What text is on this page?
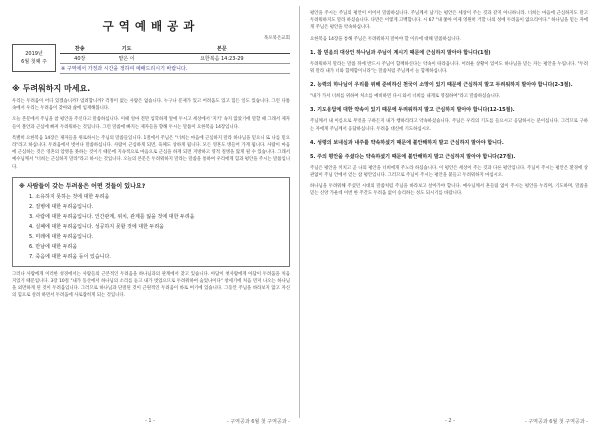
구역예배공과
목포북온교회
2019년
6월 첫째 주
찬송	기도	본문
40장	맡은 이	요한복음 14:23-29
※ 구역에서 가정과 시간을 정하여 예배드리시기 바랍니다.		
※ 두려워하지 마세요.
우리는 두려움이 어디 있겠습니까? 염려합니까? 걱정이 없는 사람은 없습니다. 누구나 문제가 있고 어려움도 있고 힘든 일도 있습니다. 그런 다툼 속에서 우리는 두려움이 찾아와 삶에 임재해봅니다.
오늘 본문에서 주님을 참 평안을 주신다고 말씀하십니다. 이때 얼마 전만 입학하게 앞에 두시고 세상에서 '지키' 속지 않았기에 말할 때 그래서 제자들이 볼안과 근심에 빠져 두려워하는 것입니다. 그런 말씀에 빠지는 제자들을 향해 두시는 말씀이 요한복음 14장입니다.
특별히 요한복음 14장은 제자들을 위로하시는 주님의 말씀들입니다. 1절에서 주님은 "너희는 마음에 근심하지 말라 하나님을 믿으니 또 나를 믿으라"라고 하십니다. 두려움에서 벗어나 말씀하십니다. 사람이 근심하게 되면, 육체도 상하게 됩니다. 모든 영혼도 병들어 가게 됩니다. 사람이 마음에 근심하는 것은 영혼의 암병을 못하는 것이기 때문에 지속적으로 마음으로 근심을 하게 되면 지방하고 영적 질병을 앓게 될 수 있습니다. 그래서 예수님께서 "너희는 근심하지 말라"라고 하시는 것입니다. 오늘의 본문은 두려워하지 말라는 말씀을 통하여 우리에게 힘과 평안을 주시는 말씀입니다.
※ 사람들이 갖는 두려움은 어떤 것들이 있나요?
1. 소유하지 못하는 것에 대한 두려움
2. 질병에 대한 두려움입니다.
3. 사람에 대한 두려움입니다. 인간관계, 위치, 관계를 잃을 것에 대한 두려움
4. 실패에 대한 두려움입니다. 성공하지 못할 것에 대한 두려움
5. 미래에 대한 두려움입니다.
6. 만남에 대한 두려움
7. 죽음에 대한 두려움 등이 있습니다.
그러나 사람에게 이러한 성경에서는 사람들의 근본적인 두려움을 하나님과의 관계에서 찾고 있습니다. 아담이 첫사람에게 아담이 두려움을 처음 지었기 때문입니다. 3장 10절 "내가 동산에서 하나님의 소리를 듣고 내가 벗었으므로 두려워하여 숨었나이다" 창세기에 처음 먼저 나오는 하나님을 외면하게 된 것이 두려움입니다. 그러므로 하나님과 단절된 것이 근원적인 두려움이 바로 여기에 있습니다. 그동안 주님을 바라보지 않고 자신의 힘으로 살려 하면서 두려움에 사로잡히게 되는 것입니다.
- 1 -	- 구역공과 6월 첫 구역공과 -
평안을 주시는 주님의 평안이 이어서 말씀하십니다. 주님께서 남기는 평안은 세상이 주는 것과 같지 아니하니라. 너희는 마음에 근심하지도 말고 두려워하지도 말라 하셨습니다. 다만은 이렇게 고백합니다. 시 67 "내 쫓아 이제 영원히 거할 나의 성에 두려움이 없으리이다." 하나님을 믿는 자에게 주님은 평안을 약속하십니다.
요한복음 14장을 통해 주님은 두려워하지 말아야 할 이유에 대해 말씀하십니다.
1. 참 믿음의 대상인 하나님과 주님이 계시기 때문에 근심하지 말아야 합니다(1절)
두려워하지 말라는 말씀 뒤에 반드시 주님이 함께하신다는 약속이 따라옵니다. 어려운 상황이 있어도 하나님을 믿는 자는 평안을 누립니다. "두려워 말라 내가 너와 함께함이니라"는 말씀처럼 주님께서 늘 함께하십니다.
2. 능력의 하나님이 우리를 위해 준비하신 천국이 소망이 있기 때문에 근심하지 말고 두려워하지 말아야 합니다(2-3절).
"내가 가서 너희를 위하여 처소를 예비하면 다시 와서 너희를 내게로 영접하여"라고 말씀하셨습니다.
3. 기도응답에 대한 약속이 있기 때문에 두려워하지 말고 근심하지 말아야 합니다(12-15절).
주님께서 내 이름으로 무엇을 구하든지 내가 행하리라고 약속하셨습니다. 주님은 우리의 기도를 들으시고 응답하시는 분이십니다. 그러므로 구하는 자에게 주님께서 응답하십니다. 두려움 대신에 기도하십시오.
4. 성령의 보내심과 내주를 약속하셨기 때문에 불안해하지 말고 근심하지 말아야 합니다.
5. 주의 평안을 주셨다는 약속하셨기 때문에 불안해하지 말고 근심하지 말아야 합니다(27절).
주님은 평안을 끼치고 곧 나의 평안을 너희에게 주노라 하셨습니다. 이 평안은 세상이 주는 것과 다른 평안입니다. 주님이 주시는 평안은 환경에 상관없이 주님 안에서 얻는 참 평안입니다. 그러므로 주님이 주시는 평안을 붙들고 두려워하지 마십시오.
하나님을 두려워해 주셨던 시대의 말씀처럼 주님을 바라보고 살아가야 합니다. 예수님께서 흔들림 없이 주시는 평안을 누리며, 기도하며, 말씀을 믿는 신앙 가운데 이번 한 주간도 두려움 없이 승리하는 성도 되시기를 바랍니다.
- 2 -	- 구역공과 6월 첫 구역공과 -
